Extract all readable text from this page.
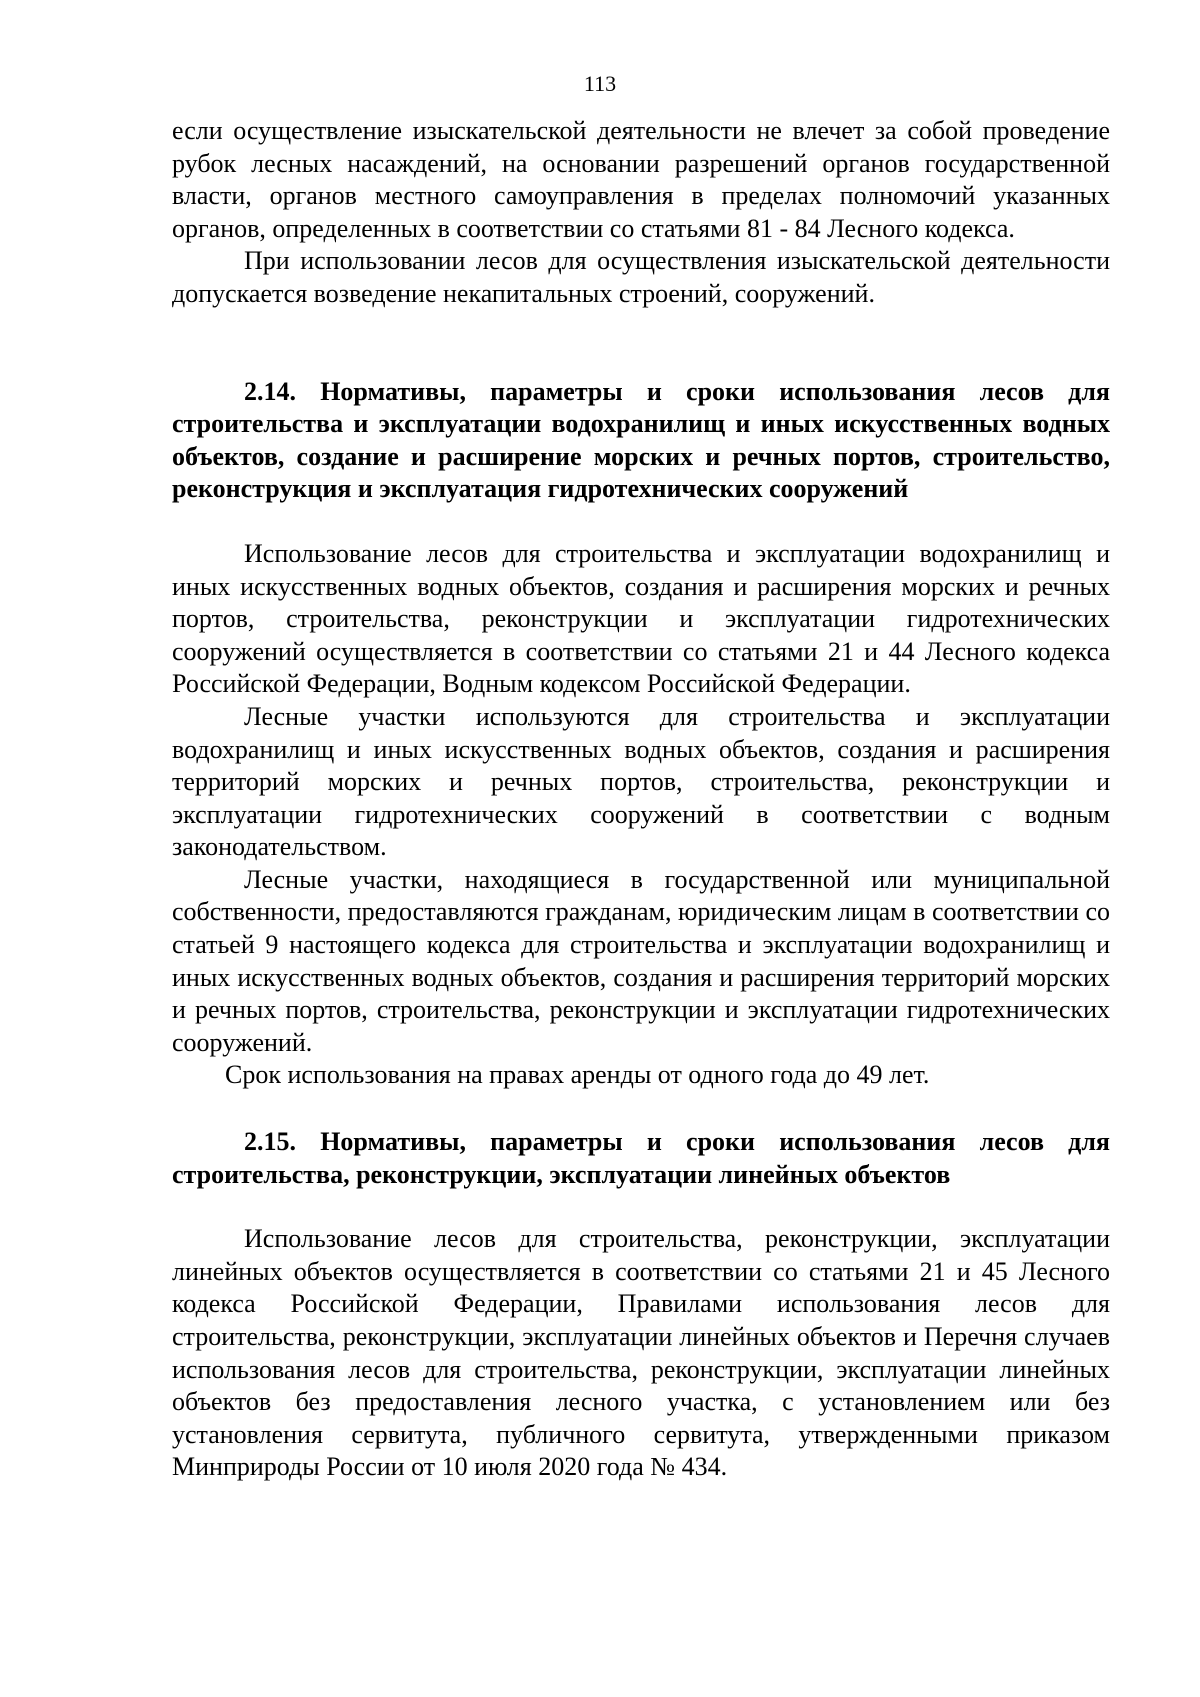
113

если осуществление изыскательской деятельности не влечет за собой проведение рубок лесных насаждений, на основании разрешений органов государственной власти, органов местного самоуправления в пределах полномочий указанных органов, определенных в соответствии со статьями 81 - 84 Лесного кодекса.

При использовании лесов для осуществления изыскательской деятельности допускается возведение некапитальных строений, сооружений.

2.14. Нормативы, параметры и сроки использования лесов для строительства и эксплуатации водохранилищ и иных искусственных водных объектов, создание и расширение морских и речных портов, строительство, реконструкция и эксплуатация гидротехнических сооружений

Использование лесов для строительства и эксплуатации водохранилищ и иных искусственных водных объектов, создания и расширения морских и речных портов, строительства, реконструкции и эксплуатации гидротехнических сооружений осуществляется в соответствии со статьями 21 и 44 Лесного кодекса Российской Федерации, Водным кодексом Российской Федерации.

Лесные участки используются для строительства и эксплуатации водохранилищ и иных искусственных водных объектов, создания и расширения территорий морских и речных портов, строительства, реконструкции и эксплуатации гидротехнических сооружений в соответствии с водным законодательством.

Лесные участки, находящиеся в государственной или муниципальной собственности, предоставляются гражданам, юридическим лицам в соответствии со статьей 9 настоящего кодекса для строительства и эксплуатации водохранилищ и иных искусственных водных объектов, создания и расширения территорий морских и речных портов, строительства, реконструкции и эксплуатации гидротехнических сооружений.

Срок использования на правах аренды от одного года до 49 лет.

2.15. Нормативы, параметры и сроки использования лесов для строительства, реконструкции, эксплуатации линейных объектов

Использование лесов для строительства, реконструкции, эксплуатации линейных объектов осуществляется в соответствии со статьями 21 и 45 Лесного кодекса Российской Федерации, Правилами использования лесов для строительства, реконструкции, эксплуатации линейных объектов и Перечня случаев использования лесов для строительства, реконструкции, эксплуатации линейных объектов без предоставления лесного участка, с установлением или без установления сервитута, публичного сервитута, утвержденными приказом Минприроды России от 10 июля 2020 года № 434.
